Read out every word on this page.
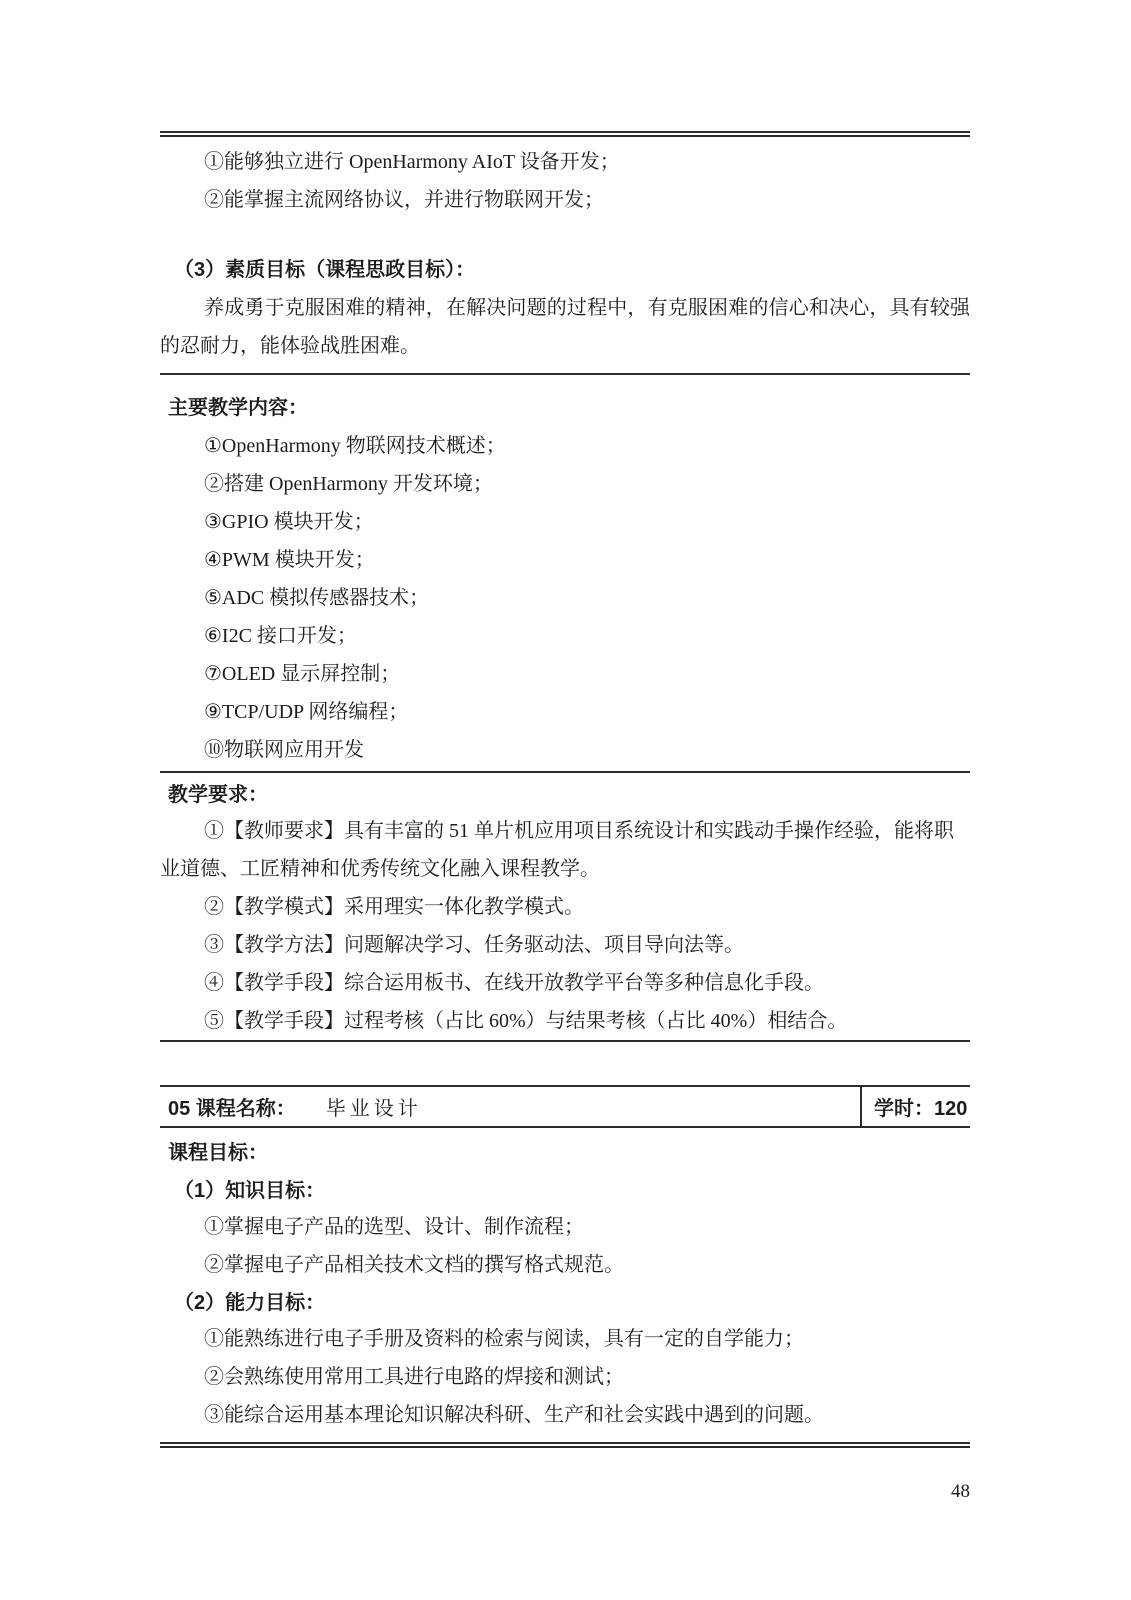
①能够独立进行 OpenHarmony AIoT 设备开发；

②能掌握主流网络协议，并进行物联网开发；

（3）素质目标（课程思政目标）：

养成勇于克服困难的精神，在解决问题的过程中，有克服困难的信心和决心，具有较强的忍耐力，能体验战胜困难。

主要教学内容：

①OpenHarmony 物联网技术概述；

②搭建 OpenHarmony 开发环境；

③GPIO 模块开发；

④PWM 模块开发；

⑤ADC 模拟传感器技术；

⑥I2C 接口开发；

⑦OLED 显示屏控制；

⑨TCP/UDP 网络编程；

⑩物联网应用开发

教学要求：

①【教师要求】具有丰富的 51 单片机应用项目系统设计和实践动手操作经验，能将职业道德、工匠精神和优秀传统文化融入课程教学。

②【教学模式】采用理实一体化教学模式。

③【教学方法】问题解决学习、任务驱动法、项目导向法等。

④【教学手段】综合运用板书、在线开放教学平台等多种信息化手段。

⑤【教学手段】过程考核（占比 60%）与结果考核（占比 40%）相结合。

05 课程名称： 毕业设计	学时：120

课程目标：

（1）知识目标：

①掌握电子产品的选型、设计、制作流程；

②掌握电子产品相关技术文档的撰写格式规范。

（2）能力目标：

①能熟练进行电子手册及资料的检索与阅读，具有一定的自学能力；

②会熟练使用常用工具进行电路的焊接和测试；

③能综合运用基本理论知识解决科研、生产和社会实践中遇到的问题。

48
